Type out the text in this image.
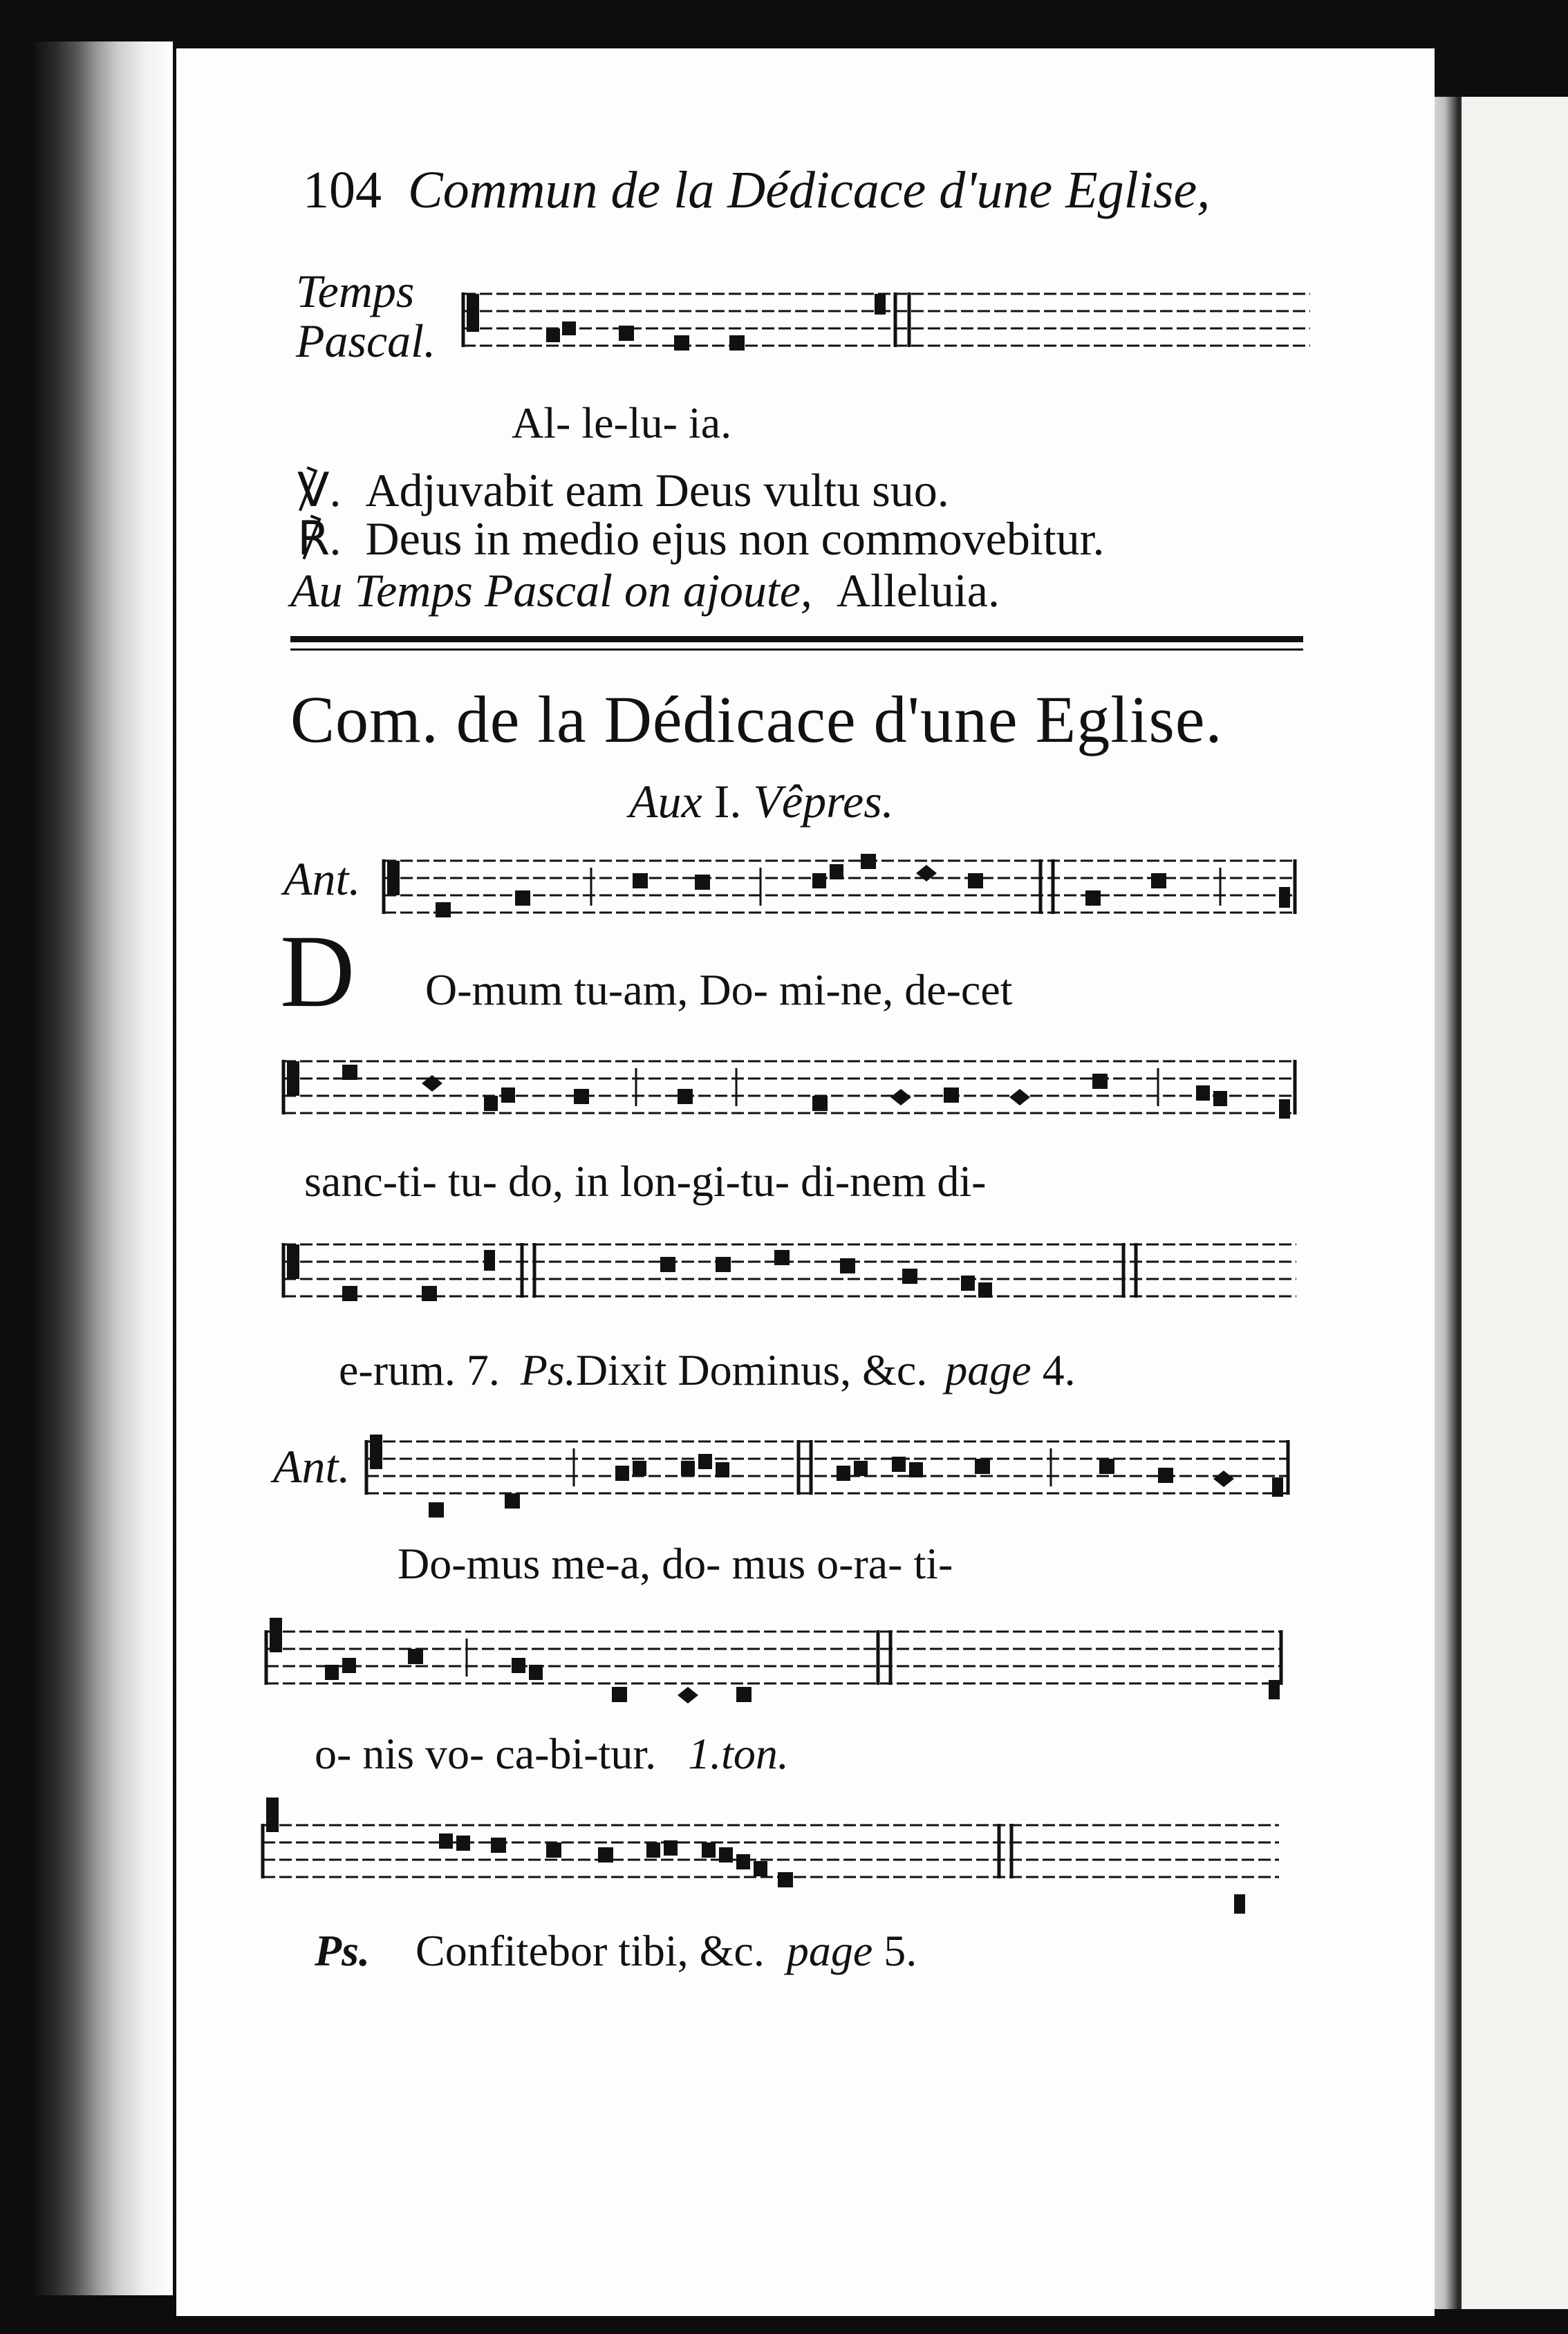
104 Commun de la Dédicace d'une Eglise,
Temps
Pascal.
Al- le-lu- ia.
℣. Adjuvabit eam Deus vultu suo.
℟. Deus in medio ejus non commovebitur.
Au Temps Pascal on ajoute, Alleluia.
Com. de la Dédicace d'une Eglise.
Aux I. Vêpres.
Ant.
D O-mum tu-am, Do- mi-ne, de-cet
sanc-ti- tu- do, in lon-gi-tu- di-nem di-
e-rum. 7. Ps.Dixit Dominus, &c. page 4.
Ant.
Do-mus me-a, do- mus o-ra- ti-
o- nis vo- ca-bi-tur. 1.ton.
Ps. Confitebor tibi, &c. page 5.
